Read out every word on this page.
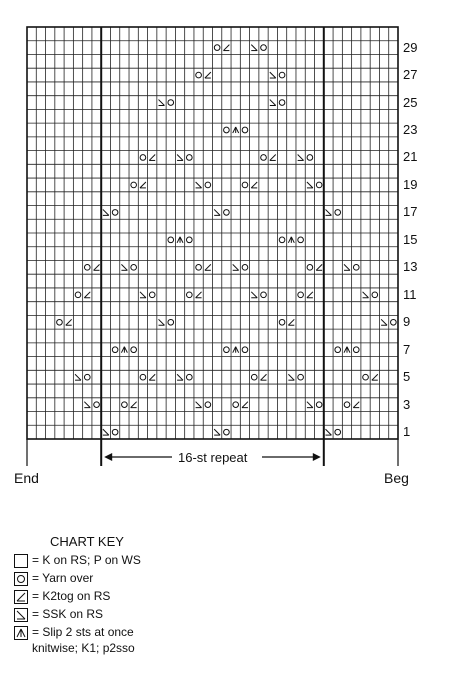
29
27
25
23
21
19
17
15
13
11
9
7
5
3
1
End	Beg
16-st repeat
CHART KEY
= K on RS; P on WS
= Yarn over
= K2tog on RS
= SSK on RS
= Slip 2 sts at once
knitwise; K1; p2sso
